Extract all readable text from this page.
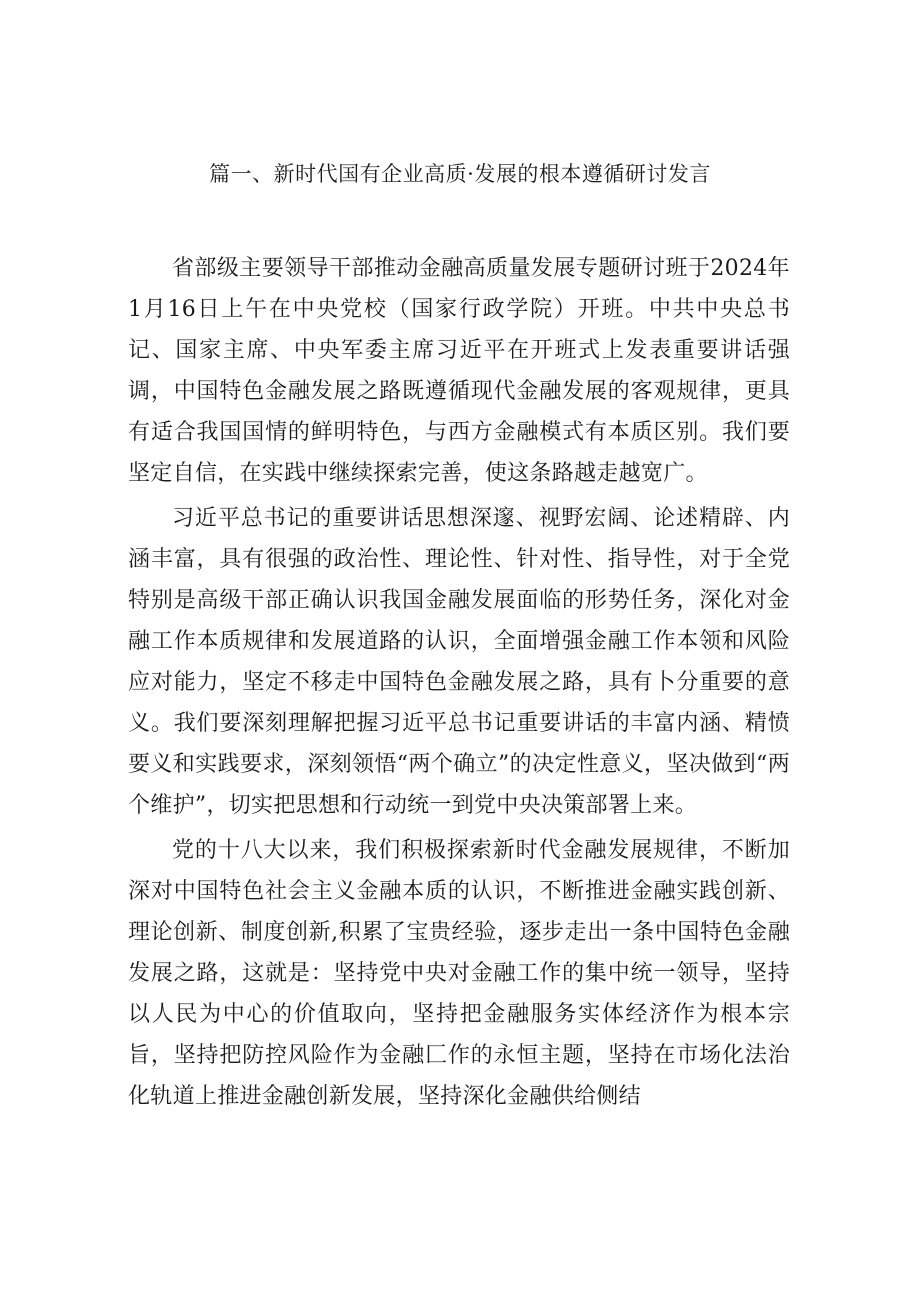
篇一、新时代国有企业高质·发展的根本遵循研讨发言

省部级主要领导干部推动金融高质量发展专题研讨班于2024年1月16日上午在中央党校（国家行政学院）开班。中共中央总书记、国家主席、中央军委主席习近平在开班式上发表重要讲话强调，中国特色金融发展之路既遵循现代金融发展的客观规律，更具有适合我国国情的鲜明特色，与西方金融模式有本质区别。我们要坚定自信，在实践中继续探索完善，使这条路越走越宽广。

习近平总书记的重要讲话思想深邃、视野宏阔、论述精辟、内涵丰富，具有很强的政治性、理论性、针对性、指导性，对于全党特别是高级干部正确认识我国金融发展面临的形势任务，深化对金融工作本质规律和发展道路的认识，全面增强金融工作本领和风险应对能力，坚定不移走中国特色金融发展之路，具有卜分重要的意义。我们要深刻理解把握习近平总书记重要讲话的丰富内涵、精愤要义和实践要求，深刻领悟“两个确立”的决定性意义，坚决做到“两个维护”，切实把思想和行动统一到党中央决策部署上来。

党的十八大以来，我们积极探索新时代金融发展规律，不断加深对中国特色社会主义金融本质的认识，不断推进金融实践创新、理论创新、制度创新,积累了宝贵经验，逐步走出一条中国特色金融发展之路，这就是：坚持党中央对金融工作的集中统一领导，坚持以人民为中心的价值取向，坚持把金融服务实体经济作为根本宗旨，坚持把防控风险作为金融匚作的永恒主题，坚持在市场化法治化轨道上推进金融创新发展，坚持深化金融供给侧结
